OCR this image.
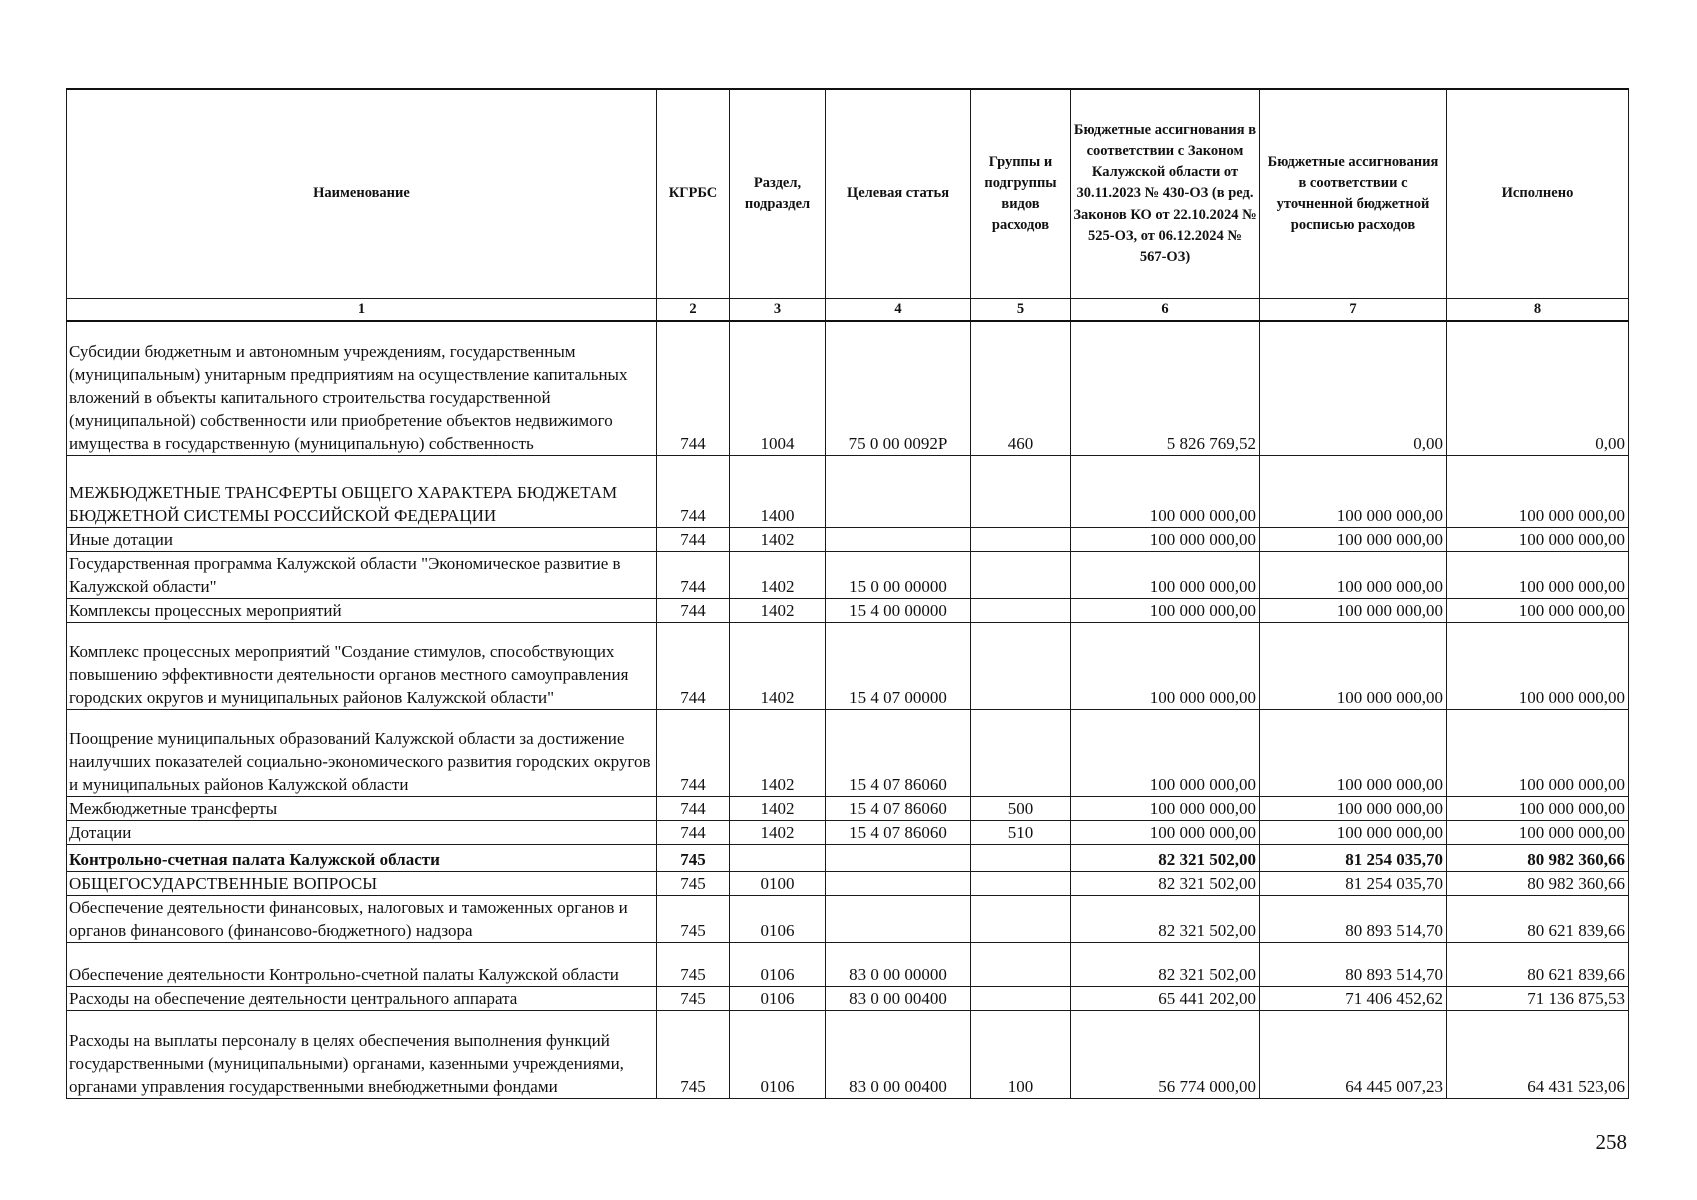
Наименование	КГРБС	Раздел, подраздел	Целевая статья	Группы и подгруппы видов расходов	Бюджетные ассигнования в соответствии с Законом Калужской области от 30.11.2023 № 430-ОЗ (в ред. Законов КО от 22.10.2024 № 525-ОЗ, от 06.12.2024 № 567-ОЗ)	Бюджетные ассигнования в соответствии с уточненной бюджетной росписью расходов	Исполнено
1	2	3	4	5	6	7	8
Субсидии бюджетным и автономным учреждениям, государственным (муниципальным) унитарным предприятиям на осуществление капитальных вложений в объекты капитального строительства государственной (муниципальной) собственности или приобретение объектов недвижимого имущества в государственную (муниципальную) собственность	744	1004	75 0 00 0092Р	460	5 826 769,52	0,00	0,00
МЕЖБЮДЖЕТНЫЕ ТРАНСФЕРТЫ ОБЩЕГО ХАРАКТЕРА БЮДЖЕТАМ БЮДЖЕТНОЙ СИСТЕМЫ РОССИЙСКОЙ ФЕДЕРАЦИИ	744	1400			100 000 000,00	100 000 000,00	100 000 000,00
Иные дотации	744	1402			100 000 000,00	100 000 000,00	100 000 000,00
Государственная программа Калужской области "Экономическое развитие в Калужской области"	744	1402	15 0 00 00000		100 000 000,00	100 000 000,00	100 000 000,00
Комплексы процессных мероприятий	744	1402	15 4 00 00000		100 000 000,00	100 000 000,00	100 000 000,00
Комплекс процессных мероприятий "Создание стимулов, способствующих повышению эффективности деятельности органов местного самоуправления городских округов и муниципальных районов Калужской области"	744	1402	15 4 07 00000		100 000 000,00	100 000 000,00	100 000 000,00
Поощрение муниципальных образований Калужской области за достижение наилучших показателей социально-экономического развития городских округов и муниципальных районов Калужской области	744	1402	15 4 07 86060		100 000 000,00	100 000 000,00	100 000 000,00
Межбюджетные трансферты	744	1402	15 4 07 86060	500	100 000 000,00	100 000 000,00	100 000 000,00
Дотации	744	1402	15 4 07 86060	510	100 000 000,00	100 000 000,00	100 000 000,00
Контрольно-счетная палата Калужской области	745				82 321 502,00	81 254 035,70	80 982 360,66
ОБЩЕГОСУДАРСТВЕННЫЕ ВОПРОСЫ	745	0100			82 321 502,00	81 254 035,70	80 982 360,66
Обеспечение деятельности финансовых, налоговых и таможенных органов и органов финансового (финансово-бюджетного) надзора	745	0106			82 321 502,00	80 893 514,70	80 621 839,66
Обеспечение деятельности Контрольно-счетной палаты Калужской области	745	0106	83 0 00 00000		82 321 502,00	80 893 514,70	80 621 839,66
Расходы на обеспечение деятельности центрального аппарата	745	0106	83 0 00 00400		65 441 202,00	71 406 452,62	71 136 875,53
Расходы на выплаты персоналу в целях обеспечения выполнения функций государственными (муниципальными) органами, казенными учреждениями, органами управления государственными внебюджетными фондами	745	0106	83 0 00 00400	100	56 774 000,00	64 445 007,23	64 431 523,06
258
